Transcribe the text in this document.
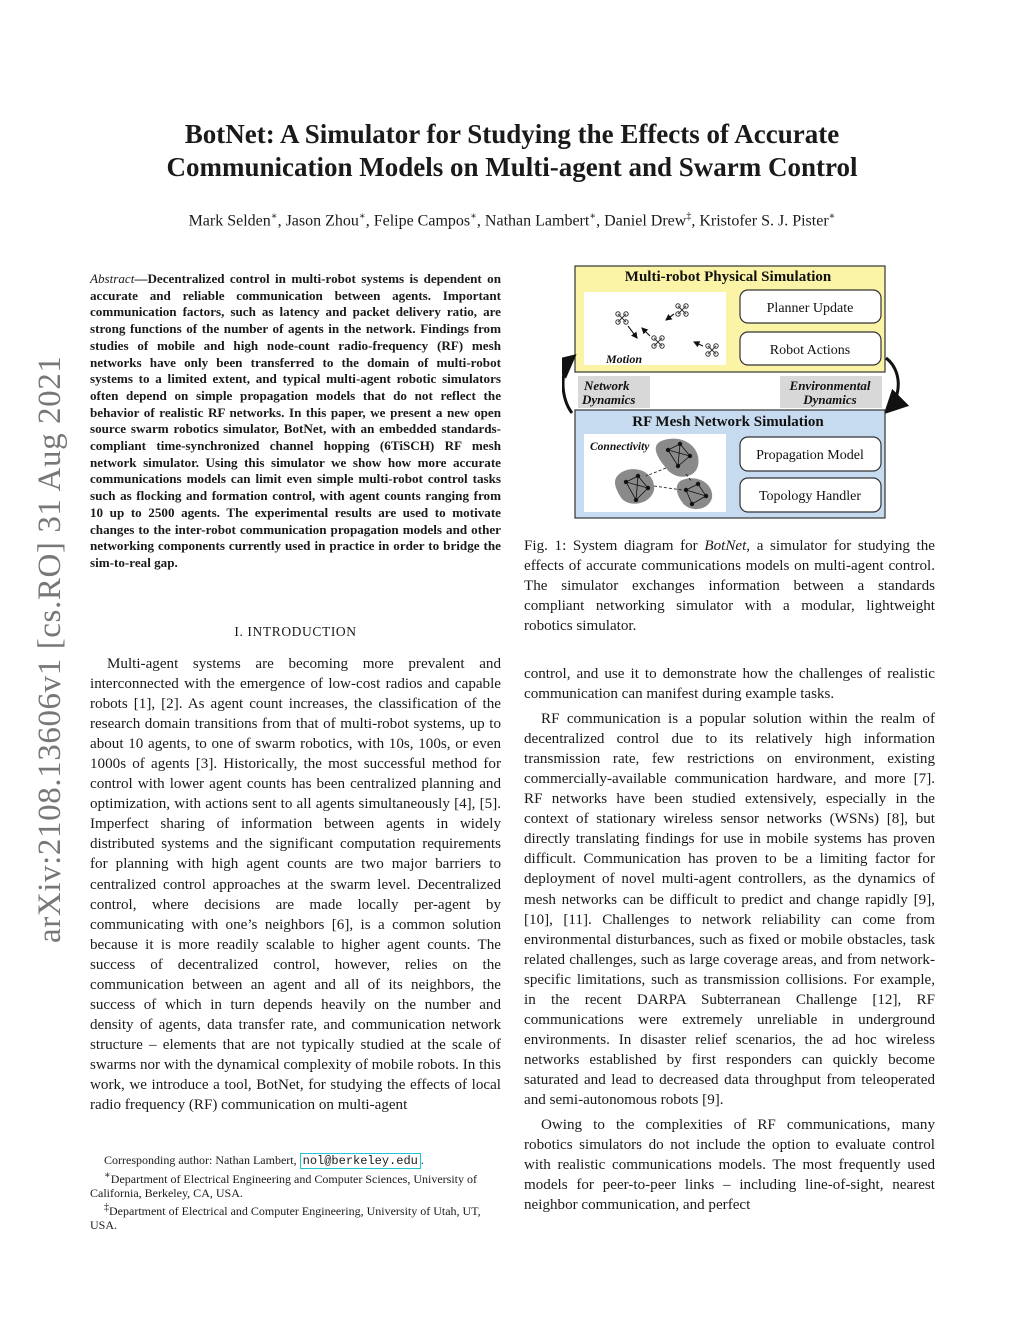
BotNet: A Simulator for Studying the Effects of Accurate
Communication Models on Multi-agent and Swarm Control
Mark Selden∗, Jason Zhou∗, Felipe Campos∗, Nathan Lambert∗, Daniel Drew‡, Kristofer S. J. Pister∗
arXiv:2108.13606v1 [cs.RO] 31 Aug 2021
Abstract—Decentralized control in multi-robot systems is dependent on accurate and reliable communication between agents. Important communication factors, such as latency and packet delivery ratio, are strong functions of the number of agents in the network. Findings from studies of mobile and high node-count radio-frequency (RF) mesh networks have only been transferred to the domain of multi-robot systems to a limited extent, and typical multi-agent robotic simulators often depend on simple propagation models that do not reflect the behavior of realistic RF networks. In this paper, we present a new open source swarm robotics simulator, BotNet, with an embedded standards-compliant time-synchronized channel hopping (6TiSCH) RF mesh network simulator. Using this simulator we show how more accurate communications models can limit even simple multi-robot control tasks such as flocking and formation control, with agent counts ranging from 10 up to 2500 agents. The experimental results are used to motivate changes to the inter-robot communication propagation models and other networking components currently used in practice in order to bridge the sim-to-real gap.
I. INTRODUCTION

Multi-agent systems are becoming more prevalent and interconnected with the emergence of low-cost radios and capable robots [1], [2]. As agent count increases, the classification of the research domain transitions from that of multi-robot systems, up to about 10 agents, to one of swarm robotics, with 10s, 100s, or even 1000s of agents [3]. Historically, the most successful method for control with lower agent counts has been centralized planning and optimization, with actions sent to all agents simultaneously [4], [5]. Imperfect sharing of information between agents in widely distributed systems and the significant computation requirements for planning with high agent counts are two major barriers to centralized control approaches at the swarm level. Decentralized control, where decisions are made locally per-agent by communicating with one’s neighbors [6], is a common solution because it is more readily scalable to higher agent counts. The success of decentralized control, however, relies on the communication between an agent and all of its neighbors, the success of which in turn depends heavily on the number and density of agents, data transfer rate, and communication network structure – elements that are not typically studied at the scale of swarms nor with the dynamical complexity of mobile robots. In this work, we introduce a tool, BotNet, for studying the effects of local radio frequency (RF) communication on multi-agent

Corresponding author: Nathan Lambert, nol@berkeley.edu .

∗Department of Electrical Engineering and Computer Sciences, University of California, Berkeley, CA, USA.

‡Department of Electrical and Computer Engineering, University of Utah, UT, USA.

Multi-robot Physical Simulation
Motion
Planner Update
Robot Actions
Network
Dynamics
Environmental
Dynamics
RF Mesh Network Simulation
Connectivity
Propagation Model
Topology Handler
Fig. 1: System diagram for BotNet, a simulator for studying the effects of accurate communications models on multi-agent control. The simulator exchanges information between a standards compliant networking simulator with a modular, lightweight robotics simulator.

control, and use it to demonstrate how the challenges of realistic communication can manifest during example tasks.

RF communication is a popular solution within the realm of decentralized control due to its relatively high information transmission rate, few restrictions on environment, existing commercially-available communication hardware, and more [7]. RF networks have been studied extensively, especially in the context of stationary wireless sensor networks (WSNs) [8], but directly translating findings for use in mobile systems has proven difficult. Communication has proven to be a limiting factor for deployment of novel multi-agent controllers, as the dynamics of mesh networks can be difficult to predict and change rapidly [9], [10], [11]. Challenges to network reliability can come from environmental disturbances, such as fixed or mobile obstacles, task related challenges, such as large coverage areas, and from network-specific limitations, such as transmission collisions. For example, in the recent DARPA Subterranean Challenge [12], RF communications were extremely unreliable in underground environments. In disaster relief scenarios, the ad hoc wireless networks established by first responders can quickly become saturated and lead to decreased data throughput from teleoperated and semi-autonomous robots [9].

Owing to the complexities of RF communications, many robotics simulators do not include the option to evaluate control with realistic communications models. The most frequently used models for peer-to-peer links – including line-of-sight, nearest neighbor communication, and perfect
